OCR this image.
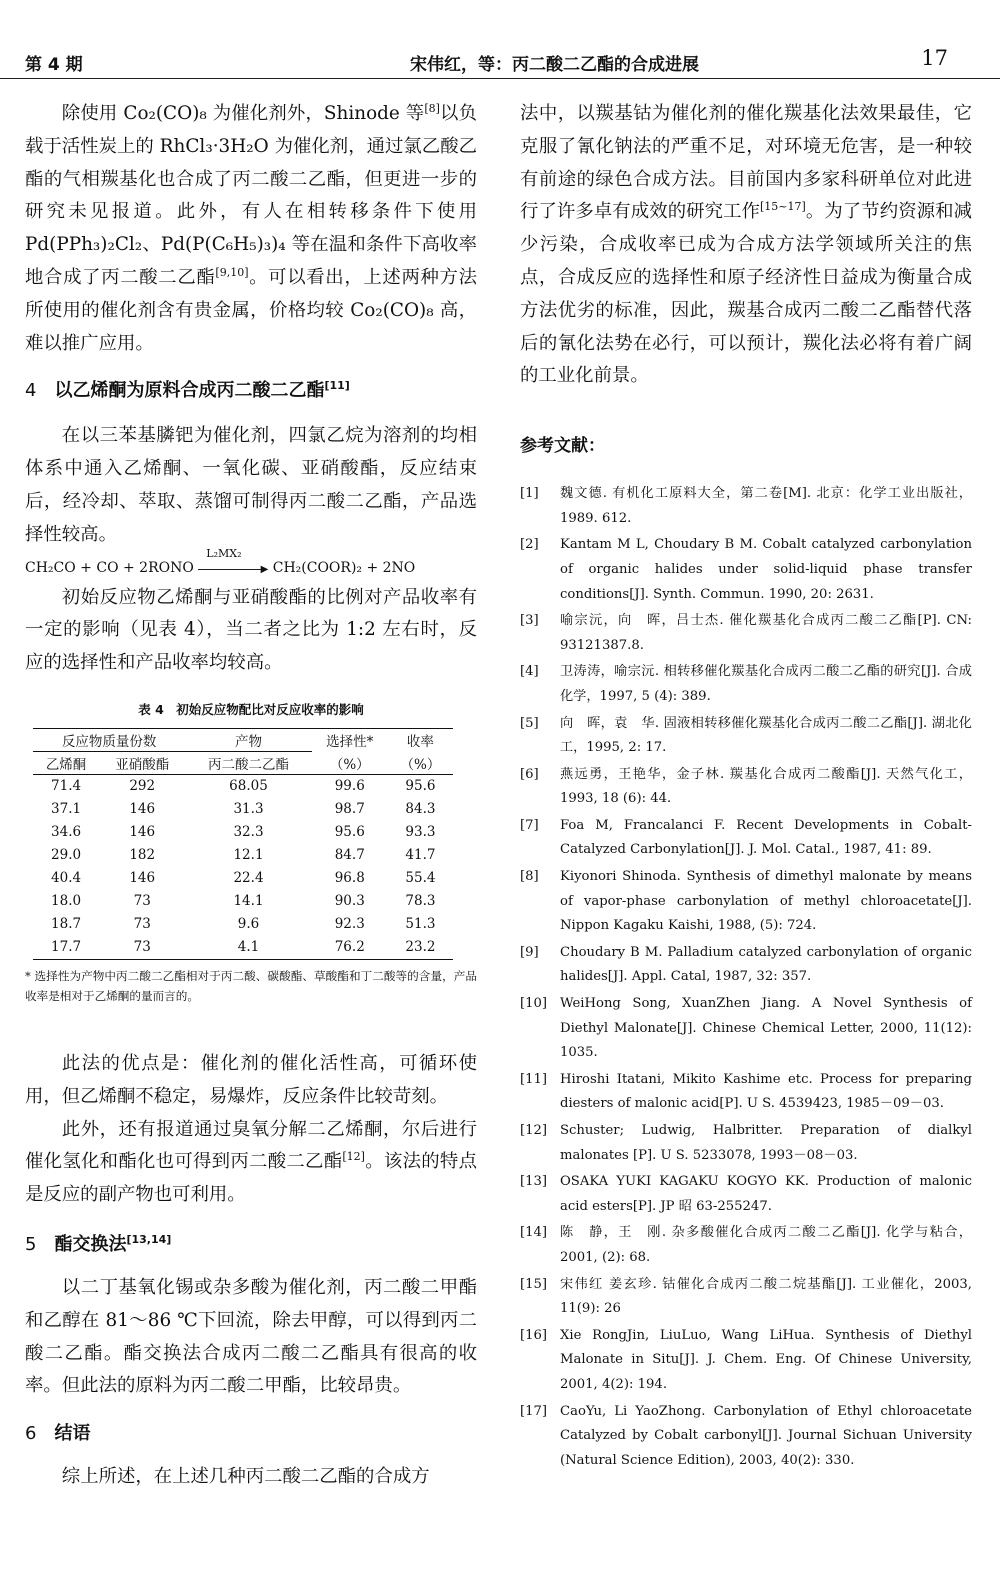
第 4 期	宋伟红，等：丙二酸二乙酯的合成进展	17

除使用 Co₂(CO)₈ 为催化剂外，Shinode 等[8]以负载于活性炭上的 RhCl₃·3H₂O 为催化剂，通过氯乙酸乙酯的气相羰基化也合成了丙二酸二乙酯，但更进一步的研究未见报道。此外，有人在相转移条件下使用 Pd(PPh₃)₂Cl₂、Pd(P(C₆H₅)₃)₄ 等在温和条件下高收率地合成了丙二酸二乙酯[9,10]。可以看出，上述两种方法所使用的催化剂含有贵金属，价格均较 Co₂(CO)₈ 高，难以推广应用。

4 以乙烯酮为原料合成丙二酸二乙酯[11]

在以三苯基膦钯为催化剂，四氯乙烷为溶剂的均相体系中通入乙烯酮、一氧化碳、亚硝酸酯，反应结束后，经冷却、萃取、蒸馏可制得丙二酸二乙酯，产品选择性较高。

CH₂CO + CO + 2RONO
L₂MX₂
▶ CH₂(COOR)₂ + 2NO

初始反应物乙烯酮与亚硝酸酯的比例对产品收率有一定的影响（见表 4），当二者之比为 1:2 左右时，反应的选择性和产品收率均较高。

表 4　初始反应物配比对反应收率的影响
反应物质量份数		产物	选择性*	收率
乙烯酮	亚硝酸酯	丙二酸二乙酯	（%）	（%）
71.4	292	68.05	99.6	95.6
37.1	146	31.3	98.7	84.3
34.6	146	32.3	95.6	93.3
29.0	182	12.1	84.7	41.7
40.4	146	22.4	96.8	55.4
18.0	73	14.1	90.3	78.3
18.7	73	9.6	92.3	51.3
17.7	73	4.1	76.2	23.2
* 选择性为产物中丙二酸二乙酯相对于丙二酸、碳酸酯、草酸酯和丁二酸等的含量，产品收率是相对于乙烯酮的量而言的。

此法的优点是：催化剂的催化活性高，可循环使用，但乙烯酮不稳定，易爆炸，反应条件比较苛刻。

此外，还有报道通过臭氧分解二乙烯酮，尔后进行催化氢化和酯化也可得到丙二酸二乙酯[12]。该法的特点是反应的副产物也可利用。

5 酯交换法[13,14]

以二丁基氧化锡或杂多酸为催化剂，丙二酸二甲酯和乙醇在 81～86 ℃下回流，除去甲醇，可以得到丙二酸二乙酯。酯交换法合成丙二酸二乙酯具有很高的收率。但此法的原料为丙二酸二甲酯，比较昂贵。

6 结语

综上所述，在上述几种丙二酸二乙酯的合成方

法中，以羰基钴为催化剂的催化羰基化法效果最佳，它克服了氰化钠法的严重不足，对环境无危害，是一种较有前途的绿色合成方法。目前国内多家科研单位对此进行了许多卓有成效的研究工作[15~17]。为了节约资源和减少污染，合成收率已成为合成方法学领域所关注的焦点，合成反应的选择性和原子经济性日益成为衡量合成方法优劣的标准，因此，羰基合成丙二酸二乙酯替代落后的氰化法势在必行，可以预计，羰化法必将有着广阔的工业化前景。

参考文献：
[1] 魏文德. 有机化工原料大全，第二卷[M]. 北京：化学工业出版社，1989. 612.
[2] Kantam M L, Choudary B M. Cobalt catalyzed carbonylation of organic halides under solid-liquid phase transfer conditions[J]. Synth. Commun. 1990, 20: 2631.
[3] 喻宗沅，向　晖，吕士杰. 催化羰基化合成丙二酸二乙酯[P]. CN: 93121387.8.
[4] 卫涛涛，喻宗沅. 相转移催化羰基化合成丙二酸二乙酯的研究[J]. 合成化学，1997, 5 (4): 389.
[5] 向　晖，袁　华. 固液相转移催化羰基化合成丙二酸二乙酯[J]. 湖北化工，1995, 2: 17.
[6] 燕远勇，王艳华，金子林. 羰基化合成丙二酸酯[J]. 天然气化工，1993, 18 (6): 44.
[7] Foa M, Francalanci F. Recent Developments in Cobalt-Catalyzed Carbonylation[J]. J. Mol. Catal., 1987, 41: 89.
[8] Kiyonori Shinoda. Synthesis of dimethyl malonate by means of vapor-phase carbonylation of methyl chloroacetate[J]. Nippon Kagaku Kaishi, 1988, (5): 724.
[9] Choudary B M. Palladium catalyzed carbonylation of organic halides[J]. Appl. Catal, 1987, 32: 357.
[10] WeiHong Song, XuanZhen Jiang. A Novel Synthesis of Diethyl Malonate[J]. Chinese Chemical Letter, 2000, 11(12): 1035.
[11] Hiroshi Itatani, Mikito Kashime etc. Process for preparing diesters of malonic acid[P]. U S. 4539423, 1985－09－03.
[12] Schuster; Ludwig, Halbritter. Preparation of dialkyl malonates [P]. U S. 5233078, 1993－08－03.
[13] OSAKA YUKI KAGAKU KOGYO KK. Production of malonic acid esters[P]. JP 昭 63-255247.
[14] 陈　静，王　刚. 杂多酸催化合成丙二酸二乙酯[J]. 化学与粘合，2001, (2): 68.
[15] 宋伟红 姜玄珍. 钴催化合成丙二酸二烷基酯[J]. 工业催化，2003, 11(9): 26
[16] Xie RongJin, LiuLuo, Wang LiHua. Synthesis of Diethyl Malonate in Situ[J]. J. Chem. Eng. Of Chinese University, 2001, 4(2): 194.
[17] CaoYu, Li YaoZhong. Carbonylation of Ethyl chloroacetate Catalyzed by Cobalt carbonyl[J]. Journal Sichuan University (Natural Science Edition), 2003, 40(2): 330.
